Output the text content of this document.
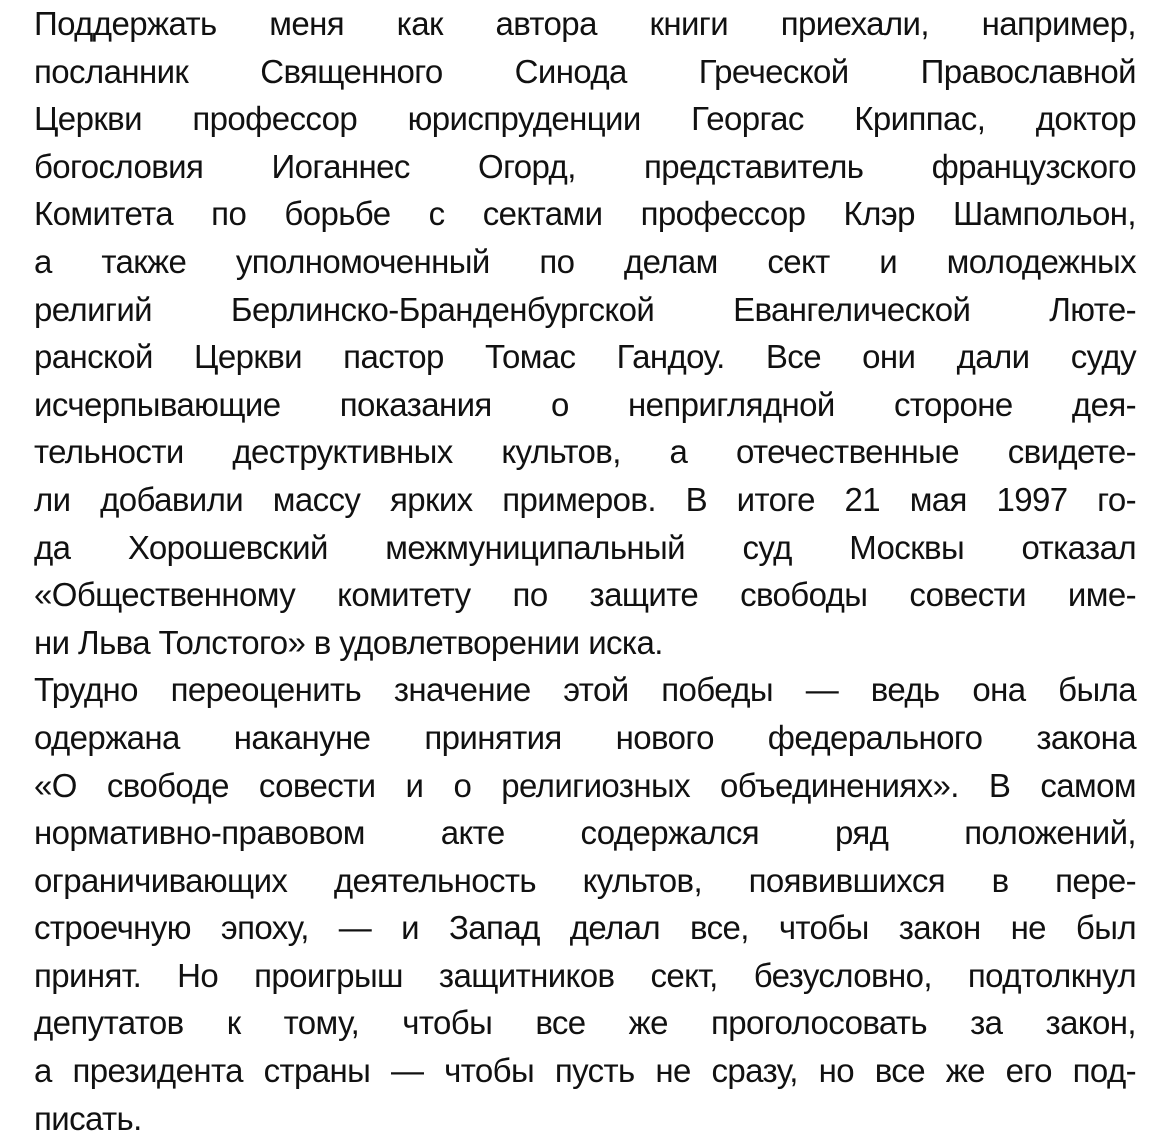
Поддержать меня как автора книги приехали, например,
посланник Священного Синода Греческой Православной
Церкви профессор юриспруденции Георгас Криппас, доктор
богословия Иоганнес Огорд, представитель французского
Комитета по борьбе с сектами профессор Клэр Шампольон,
а также уполномоченный по делам сект и молодежных
религий Берлинско-Бранденбургской Евангелической Люте-
ранской Церкви пастор Томас Гандоу. Все они дали суду
исчерпывающие показания о неприглядной стороне дея-
тельности деструктивных культов, а отечественные свидете-
ли добавили массу ярких примеров. В итоге 21 мая 1997 го-
да Хорошевский межмуниципальный суд Москвы отказал
«Общественному комитету по защите свободы совести име-
ни Льва Толстого» в удовлетворении иска.
Трудно переоценить значение этой победы — ведь она была
одержана накануне принятия нового федерального закона
«О свободе совести и о религиозных объединениях». В самом
нормативно-правовом акте содержался ряд положений,
ограничивающих деятельность культов, появившихся в пере-
строечную эпоху, — и Запад делал все, чтобы закон не был
принят. Но проигрыш защитников сект, безусловно, подтолкнул
депутатов к тому, чтобы все же проголосовать за закон,
а президента страны — чтобы пусть не сразу, но все же его под-
писать.
